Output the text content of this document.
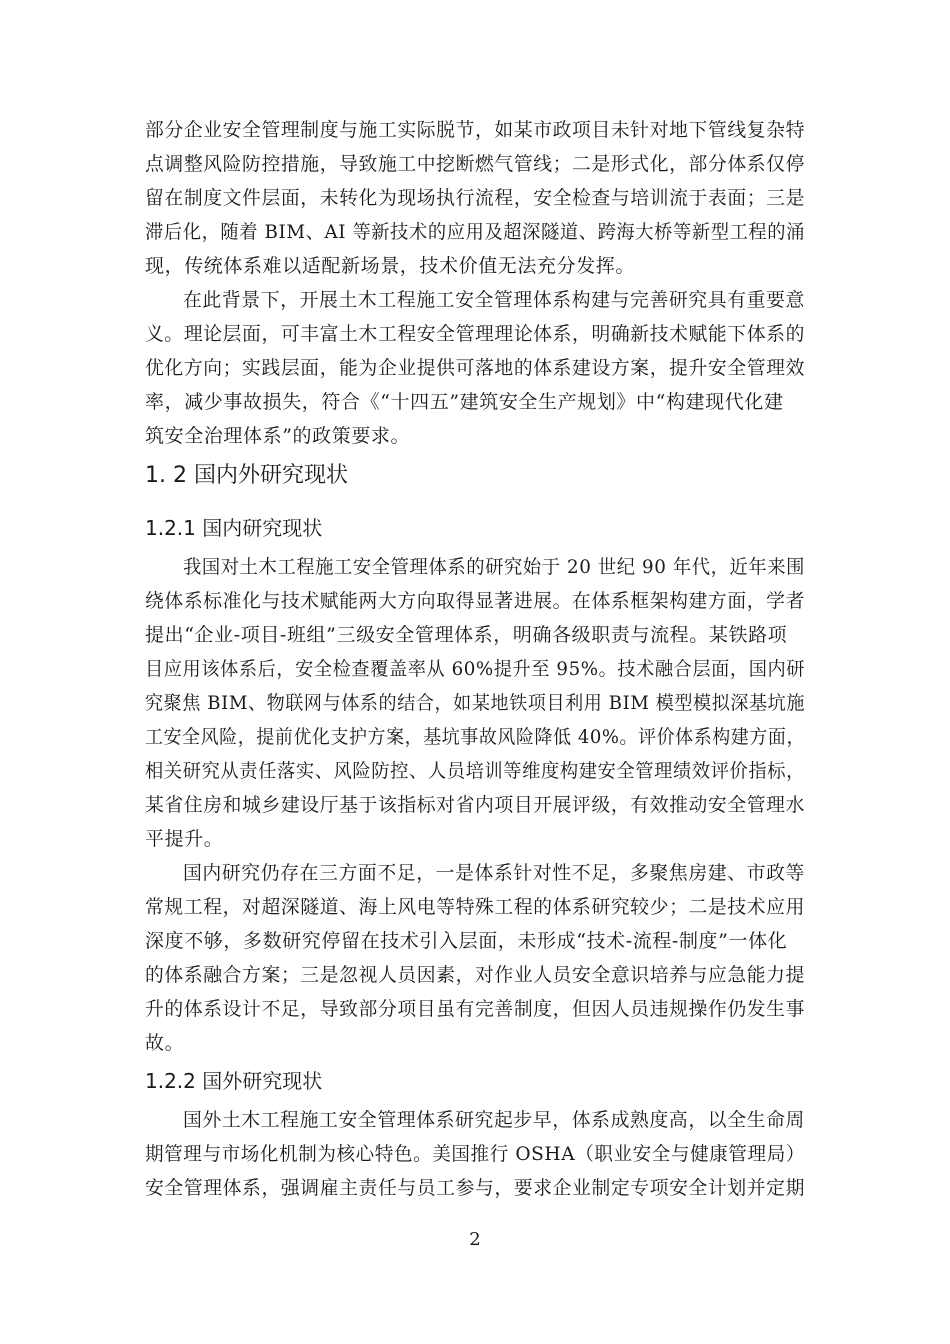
部分企业安全管理制度与施工实际脱节，如某市政项目未针对地下管线复杂特
点调整风险防控措施，导致施工中挖断燃气管线；二是形式化，部分体系仅停
留在制度文件层面，未转化为现场执行流程，安全检查与培训流于表面；三是
滞后化，随着 BIM、AI 等新技术的应用及超深隧道、跨海大桥等新型工程的涌
现，传统体系难以适配新场景，技术价值无法充分发挥。
在此背景下，开展土木工程施工安全管理体系构建与完善研究具有重要意
义。理论层面，可丰富土木工程安全管理理论体系，明确新技术赋能下体系的
优化方向；实践层面，能为企业提供可落地的体系建设方案，提升安全管理效
率，减少事故损失，符合《“十四五”建筑安全生产规划》中“构建现代化建
筑安全治理体系”的政策要求。
1. 2 国内外研究现状
1.2.1 国内研究现状
我国对土木工程施工安全管理体系的研究始于 20 世纪 90 年代，近年来围
绕体系标准化与技术赋能两大方向取得显著进展。在体系框架构建方面，学者
提出“企业-项目-班组”三级安全管理体系，明确各级职责与流程。某铁路项
目应用该体系后，安全检查覆盖率从 60%提升至 95%。技术融合层面，国内研
究聚焦 BIM、物联网与体系的结合，如某地铁项目利用 BIM 模型模拟深基坑施
工安全风险，提前优化支护方案，基坑事故风险降低 40%。评价体系构建方面，
相关研究从责任落实、风险防控、人员培训等维度构建安全管理绩效评价指标，
某省住房和城乡建设厅基于该指标对省内项目开展评级，有效推动安全管理水
平提升。
国内研究仍存在三方面不足，一是体系针对性不足，多聚焦房建、市政等
常规工程，对超深隧道、海上风电等特殊工程的体系研究较少；二是技术应用
深度不够，多数研究停留在技术引入层面，未形成“技术-流程-制度”一体化
的体系融合方案；三是忽视人员因素，对作业人员安全意识培养与应急能力提
升的体系设计不足，导致部分项目虽有完善制度，但因人员违规操作仍发生事
故。
1.2.2 国外研究现状
国外土木工程施工安全管理体系研究起步早，体系成熟度高，以全生命周
期管理与市场化机制为核心特色。美国推行 OSHA（职业安全与健康管理局）
安全管理体系，强调雇主责任与员工参与，要求企业制定专项安全计划并定期
2
